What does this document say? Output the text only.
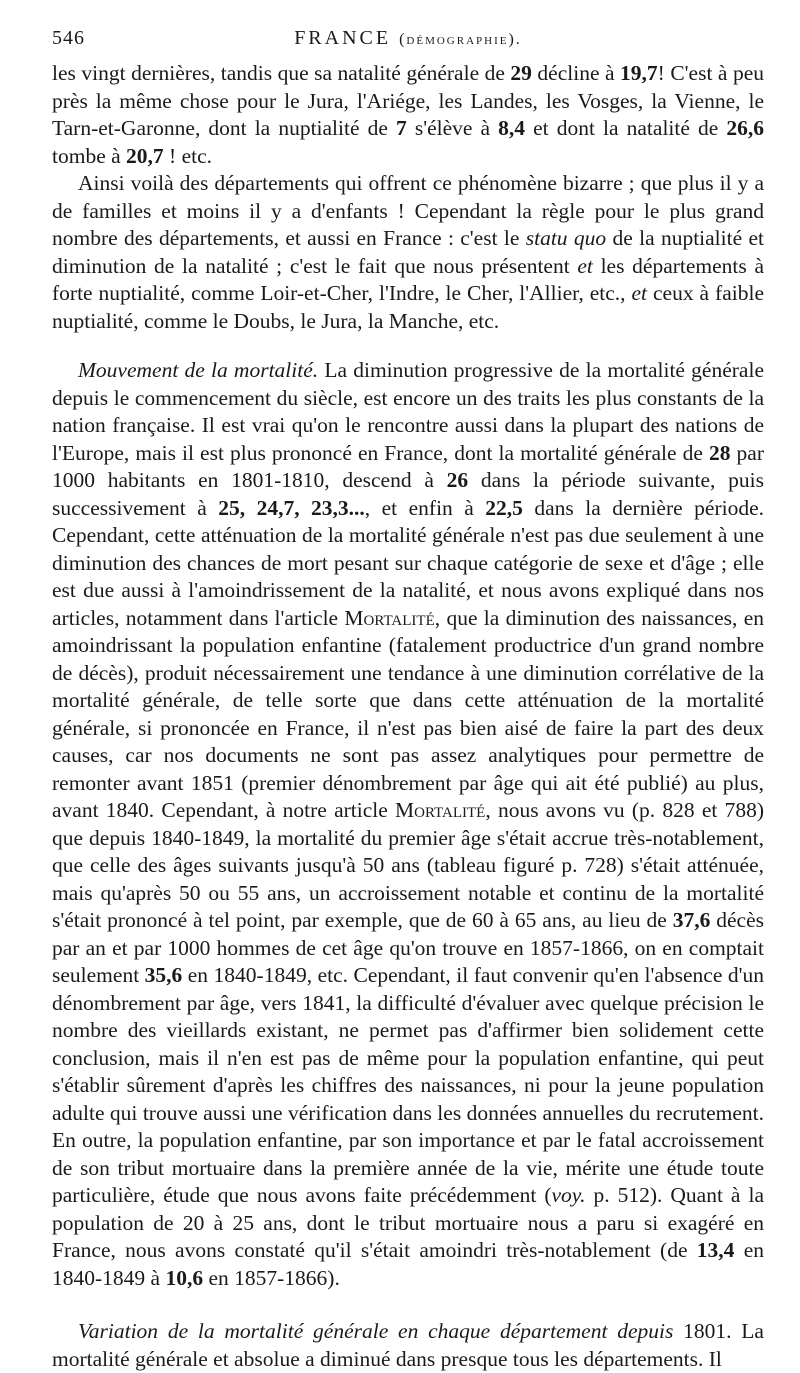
546	FRANCE (démographie).

les vingt dernières, tandis que sa natalité générale de 29 décline à 19,7! C'est à peu près la même chose pour le Jura, l'Ariége, les Landes, les Vosges, la Vienne, le Tarn-et-Garonne, dont la nuptialité de 7 s'élève à 8,4 et dont la natalité de 26,6 tombe à 20,7 ! etc.

Ainsi voilà des départements qui offrent ce phénomène bizarre ; que plus il y a de familles et moins il y a d'enfants ! Cependant la règle pour le plus grand nombre des départements, et aussi en France : c'est le statu quo de la nuptialité et diminution de la natalité ; c'est le fait que nous présentent et les départements à forte nuptialité, comme Loir-et-Cher, l'Indre, le Cher, l'Allier, etc., et ceux à faible nuptialité, comme le Doubs, le Jura, la Manche, etc.

Mouvement de la mortalité. La diminution progressive de la mortalité générale depuis le commencement du siècle, est encore un des traits les plus constants de la nation française. Il est vrai qu'on le rencontre aussi dans la plupart des nations de l'Europe, mais il est plus prononcé en France, dont la mortalité générale de 28 par 1000 habitants en 1801-1810, descend à 26 dans la période suivante, puis successivement à 25, 24,7, 23,3..., et enfin à 22,5 dans la dernière période. Cependant, cette atténuation de la mortalité générale n'est pas due seulement à une diminution des chances de mort pesant sur chaque catégorie de sexe et d'âge ; elle est due aussi à l'amoindrissement de la natalité, et nous avons expliqué dans nos articles, notamment dans l'article Mortalité, que la diminution des naissances, en amoindrissant la population enfantine (fatalement productrice d'un grand nombre de décès), produit nécessairement une tendance à une diminution corrélative de la mortalité générale, de telle sorte que dans cette atténuation de la mortalité générale, si prononcée en France, il n'est pas bien aisé de faire la part des deux causes, car nos documents ne sont pas assez analytiques pour permettre de remonter avant 1851 (premier dénombrement par âge qui ait été publié) au plus, avant 1840. Cependant, à notre article Mortalité, nous avons vu (p. 828 et 788) que depuis 1840-1849, la mortalité du premier âge s'était accrue très-notablement, que celle des âges suivants jusqu'à 50 ans (tableau figuré p. 728) s'était atténuée, mais qu'après 50 ou 55 ans, un accroissement notable et continu de la mortalité s'était prononcé à tel point, par exemple, que de 60 à 65 ans, au lieu de 37,6 décès par an et par 1000 hommes de cet âge qu'on trouve en 1857-1866, on en comptait seulement 35,6 en 1840-1849, etc. Cependant, il faut convenir qu'en l'absence d'un dénombrement par âge, vers 1841, la difficulté d'évaluer avec quelque précision le nombre des vieillards existant, ne permet pas d'affirmer bien solidement cette conclusion, mais il n'en est pas de même pour la population enfantine, qui peut s'établir sûrement d'après les chiffres des naissances, ni pour la jeune population adulte qui trouve aussi une vérification dans les données annuelles du recrutement. En outre, la population enfantine, par son importance et par le fatal accroissement de son tribut mortuaire dans la première année de la vie, mérite une étude toute particulière, étude que nous avons faite précédemment (voy. p. 512). Quant à la population de 20 à 25 ans, dont le tribut mortuaire nous a paru si exagéré en France, nous avons constaté qu'il s'était amoindri très-notablement (de 13,4 en 1840-1849 à 10,6 en 1857-1866).

Variation de la mortalité générale en chaque département depuis 1801. La mortalité générale et absolue a diminué dans presque tous les départements. Il
